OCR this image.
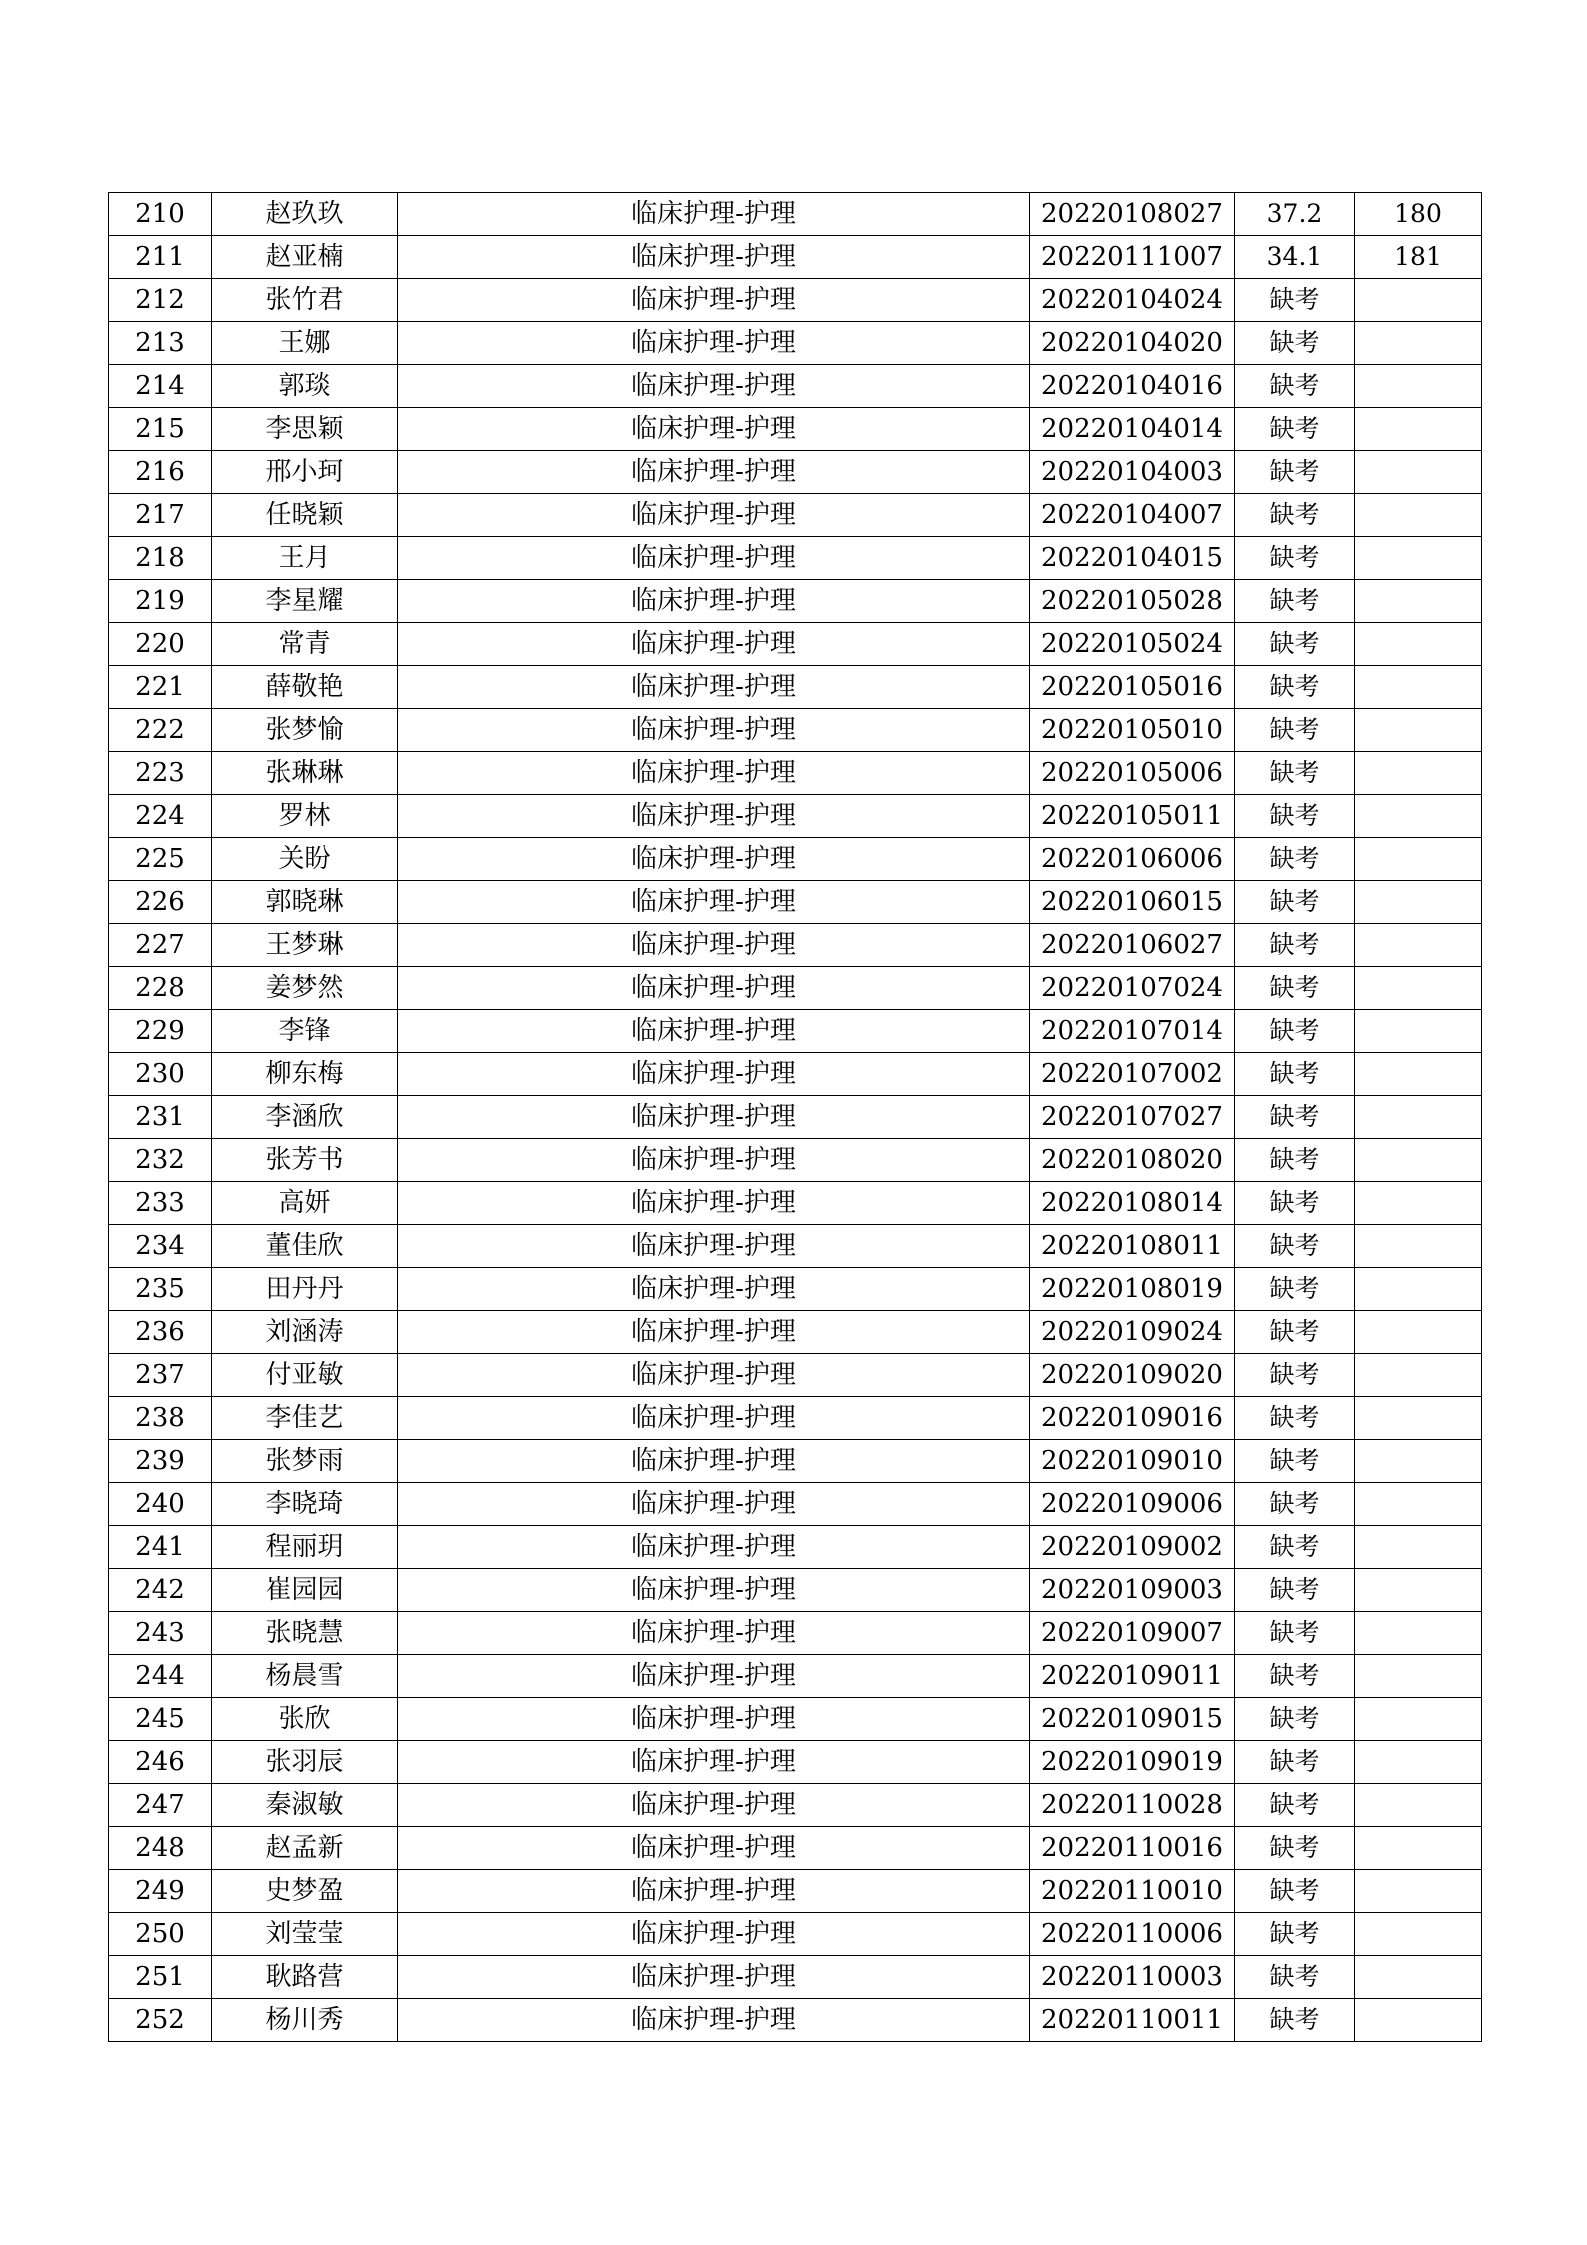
210	赵玖玖	临床护理-护理	20220108027	37.2	180
211	赵亚楠	临床护理-护理	20220111007	34.1	181
212	张竹君	临床护理-护理	20220104024	缺考	
213	王娜	临床护理-护理	20220104020	缺考	
214	郭琰	临床护理-护理	20220104016	缺考	
215	李思颖	临床护理-护理	20220104014	缺考	
216	邢小珂	临床护理-护理	20220104003	缺考	
217	任晓颖	临床护理-护理	20220104007	缺考	
218	王月	临床护理-护理	20220104015	缺考	
219	李星耀	临床护理-护理	20220105028	缺考	
220	常青	临床护理-护理	20220105024	缺考	
221	薛敬艳	临床护理-护理	20220105016	缺考	
222	张梦愉	临床护理-护理	20220105010	缺考	
223	张琳琳	临床护理-护理	20220105006	缺考	
224	罗林	临床护理-护理	20220105011	缺考	
225	关盼	临床护理-护理	20220106006	缺考	
226	郭晓琳	临床护理-护理	20220106015	缺考	
227	王梦琳	临床护理-护理	20220106027	缺考	
228	姜梦然	临床护理-护理	20220107024	缺考	
229	李锋	临床护理-护理	20220107014	缺考	
230	柳东梅	临床护理-护理	20220107002	缺考	
231	李涵欣	临床护理-护理	20220107027	缺考	
232	张芳书	临床护理-护理	20220108020	缺考	
233	高妍	临床护理-护理	20220108014	缺考	
234	董佳欣	临床护理-护理	20220108011	缺考	
235	田丹丹	临床护理-护理	20220108019	缺考	
236	刘涵涛	临床护理-护理	20220109024	缺考	
237	付亚敏	临床护理-护理	20220109020	缺考	
238	李佳艺	临床护理-护理	20220109016	缺考	
239	张梦雨	临床护理-护理	20220109010	缺考	
240	李晓琦	临床护理-护理	20220109006	缺考	
241	程丽玥	临床护理-护理	20220109002	缺考	
242	崔园园	临床护理-护理	20220109003	缺考	
243	张晓慧	临床护理-护理	20220109007	缺考	
244	杨晨雪	临床护理-护理	20220109011	缺考	
245	张欣	临床护理-护理	20220109015	缺考	
246	张羽辰	临床护理-护理	20220109019	缺考	
247	秦淑敏	临床护理-护理	20220110028	缺考	
248	赵孟新	临床护理-护理	20220110016	缺考	
249	史梦盈	临床护理-护理	20220110010	缺考	
250	刘莹莹	临床护理-护理	20220110006	缺考	
251	耿路营	临床护理-护理	20220110003	缺考	
252	杨川秀	临床护理-护理	20220110011	缺考	
